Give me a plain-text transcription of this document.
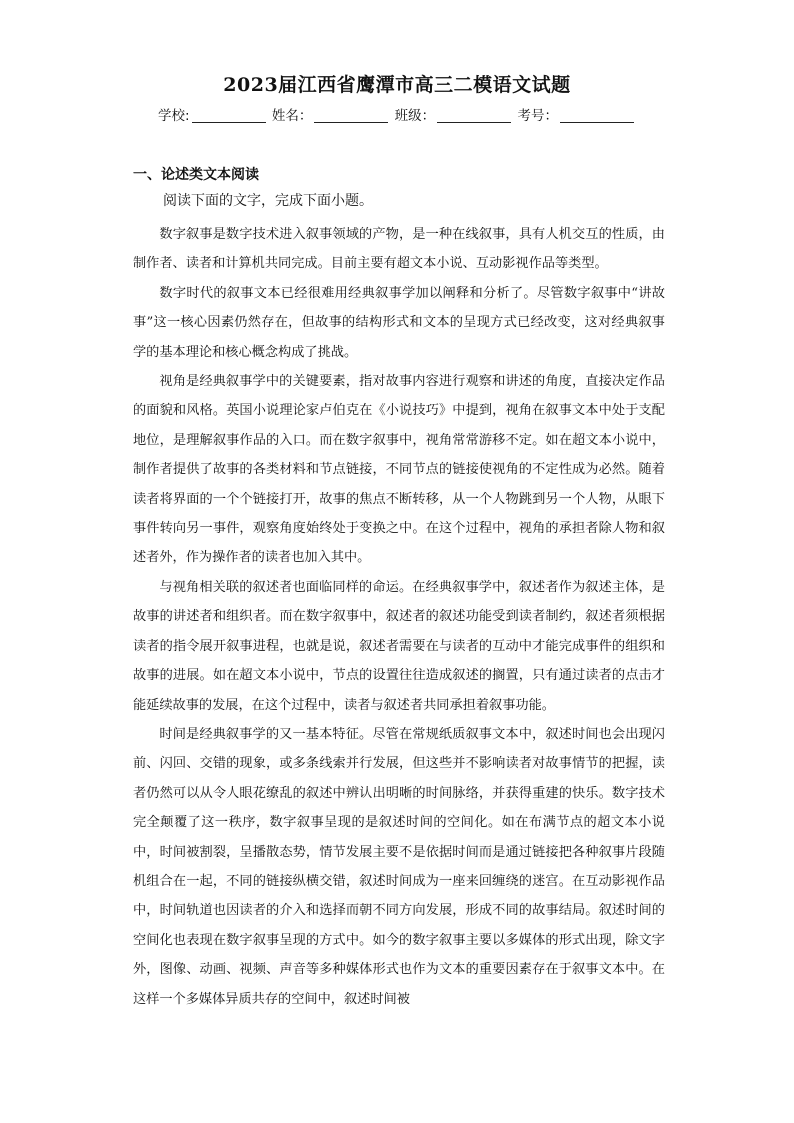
2023届江西省鹰潭市高三二模语文试题
学校:	姓名：	班级：	考号：
一、论述类文本阅读
阅读下面的文字，完成下面小题。

数字叙事是数字技术进入叙事领域的产物，是一种在线叙事，具有人机交互的性质，由制作者、读者和计算机共同完成。目前主要有超文本小说、互动影视作品等类型。

数字时代的叙事文本已经很难用经典叙事学加以阐释和分析了。尽管数字叙事中“讲故事”这一核心因素仍然存在，但故事的结构形式和文本的呈现方式已经改变，这对经典叙事学的基本理论和核心概念构成了挑战。

视角是经典叙事学中的关键要素，指对故事内容进行观察和讲述的角度，直接决定作品的面貌和风格。英国小说理论家卢伯克在《小说技巧》中提到，视角在叙事文本中处于支配地位，是理解叙事作品的入口。而在数字叙事中，视角常常游移不定。如在超文本小说中，制作者提供了故事的各类材料和节点链接，不同节点的链接使视角的不定性成为必然。随着读者将界面的一个个链接打开，故事的焦点不断转移，从一个人物跳到另一个人物，从眼下事件转向另一事件，观察角度始终处于变换之中。在这个过程中，视角的承担者除人物和叙述者外，作为操作者的读者也加入其中。

与视角相关联的叙述者也面临同样的命运。在经典叙事学中，叙述者作为叙述主体，是故事的讲述者和组织者。而在数字叙事中，叙述者的叙述功能受到读者制约，叙述者须根据读者的指令展开叙事进程，也就是说，叙述者需要在与读者的互动中才能完成事件的组织和故事的进展。如在超文本小说中，节点的设置往往造成叙述的搁置，只有通过读者的点击才能延续故事的发展，在这个过程中，读者与叙述者共同承担着叙事功能。

时间是经典叙事学的又一基本特征。尽管在常规纸质叙事文本中，叙述时间也会出现闪前、闪回、交错的现象，或多条线索并行发展，但这些并不影响读者对故事情节的把握，读者仍然可以从令人眼花缭乱的叙述中辨认出明晰的时间脉络，并获得重建的快乐。数字技术完全颠覆了这一秩序，数字叙事呈现的是叙述时间的空间化。如在布满节点的超文本小说中，时间被割裂，呈播散态势，情节发展主要不是依据时间而是通过链接把各种叙事片段随机组合在一起，不同的链接纵横交错，叙述时间成为一座来回缠绕的迷宫。在互动影视作品中，时间轨道也因读者的介入和选择而朝不同方向发展，形成不同的故事结局。叙述时间的空间化也表现在数字叙事呈现的方式中。如今的数字叙事主要以多媒体的形式出现，除文字外，图像、动画、视频、声音等多种媒体形式也作为文本的重要因素存在于叙事文本中。在这样一个多媒体异质共存的空间中，叙述时间被
